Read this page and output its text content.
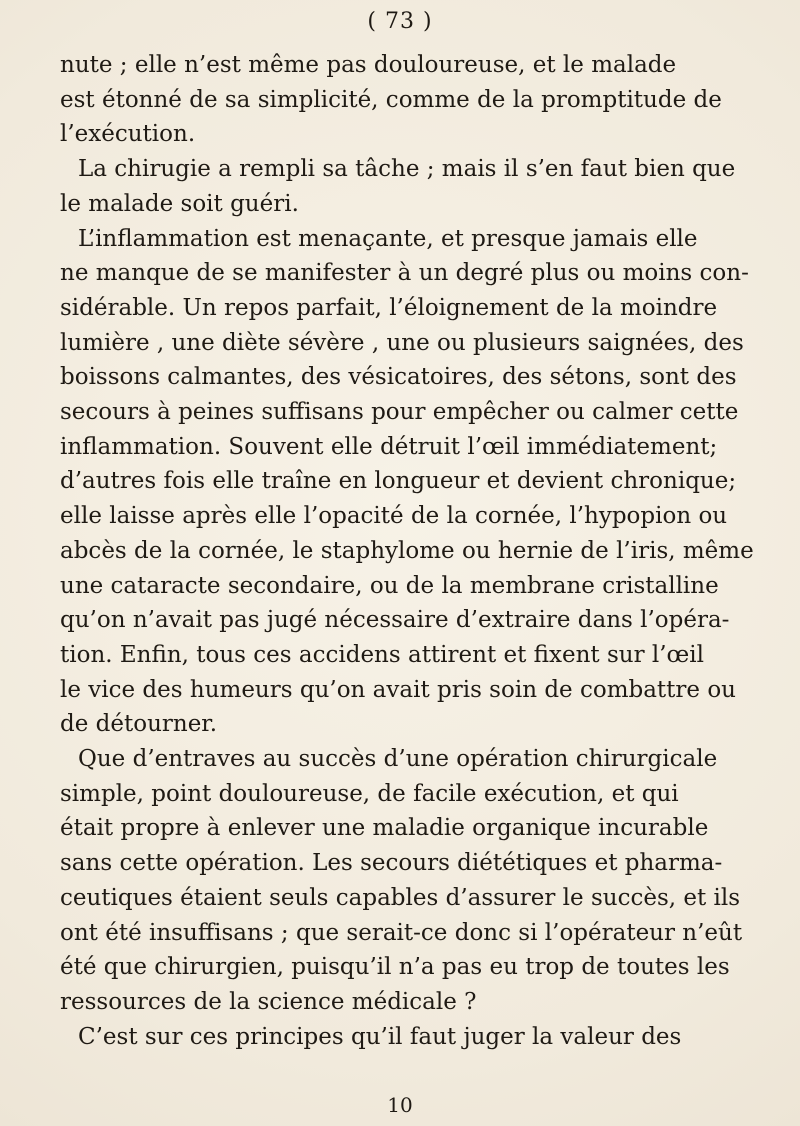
( 73 )

nute ; elle n’est même pas douloureuse, et le malade
est étonné de sa simplicité, comme de la promptitude de
l’exécution.

La chirugie a rempli sa tâche ; mais il s’en faut bien que
le malade soit guéri.

L’inflammation est menaçante, et presque jamais elle
ne manque de se manifester à un degré plus ou moins con-
sidérable. Un repos parfait, l’éloignement de la moindre
lumière , une diète sévère , une ou plusieurs saignées, des
boissons calmantes, des vésicatoires, des sétons, sont des
secours à peines suffisans pour empêcher ou calmer cette
inflammation. Souvent elle détruit l’œil immédiatement;
d’autres fois elle traîne en longueur et devient chronique;
elle laisse après elle l’opacité de la cornée, l’hypopion ou
abcès de la cornée, le staphylome ou hernie de l’iris, même
une cataracte secondaire, ou de la membrane cristalline
qu’on n’avait pas jugé nécessaire d’extraire dans l’opéra-
tion. Enfin, tous ces accidens attirent et fixent sur l’œil
le vice des humeurs qu’on avait pris soin de combattre ou
de détourner.

Que d’entraves au succès d’une opération chirurgicale
simple, point douloureuse, de facile exécution, et qui
était propre à enlever une maladie organique incurable
sans cette opération. Les secours diététiques et pharma-
ceutiques étaient seuls capables d’assurer le succès, et ils
ont été insuffisans ; que serait-ce donc si l’opérateur n’eût
été que chirurgien, puisqu’il n’a pas eu trop de toutes les
ressources de la science médicale ?

C’est sur ces principes qu’il faut juger la valeur des

10
